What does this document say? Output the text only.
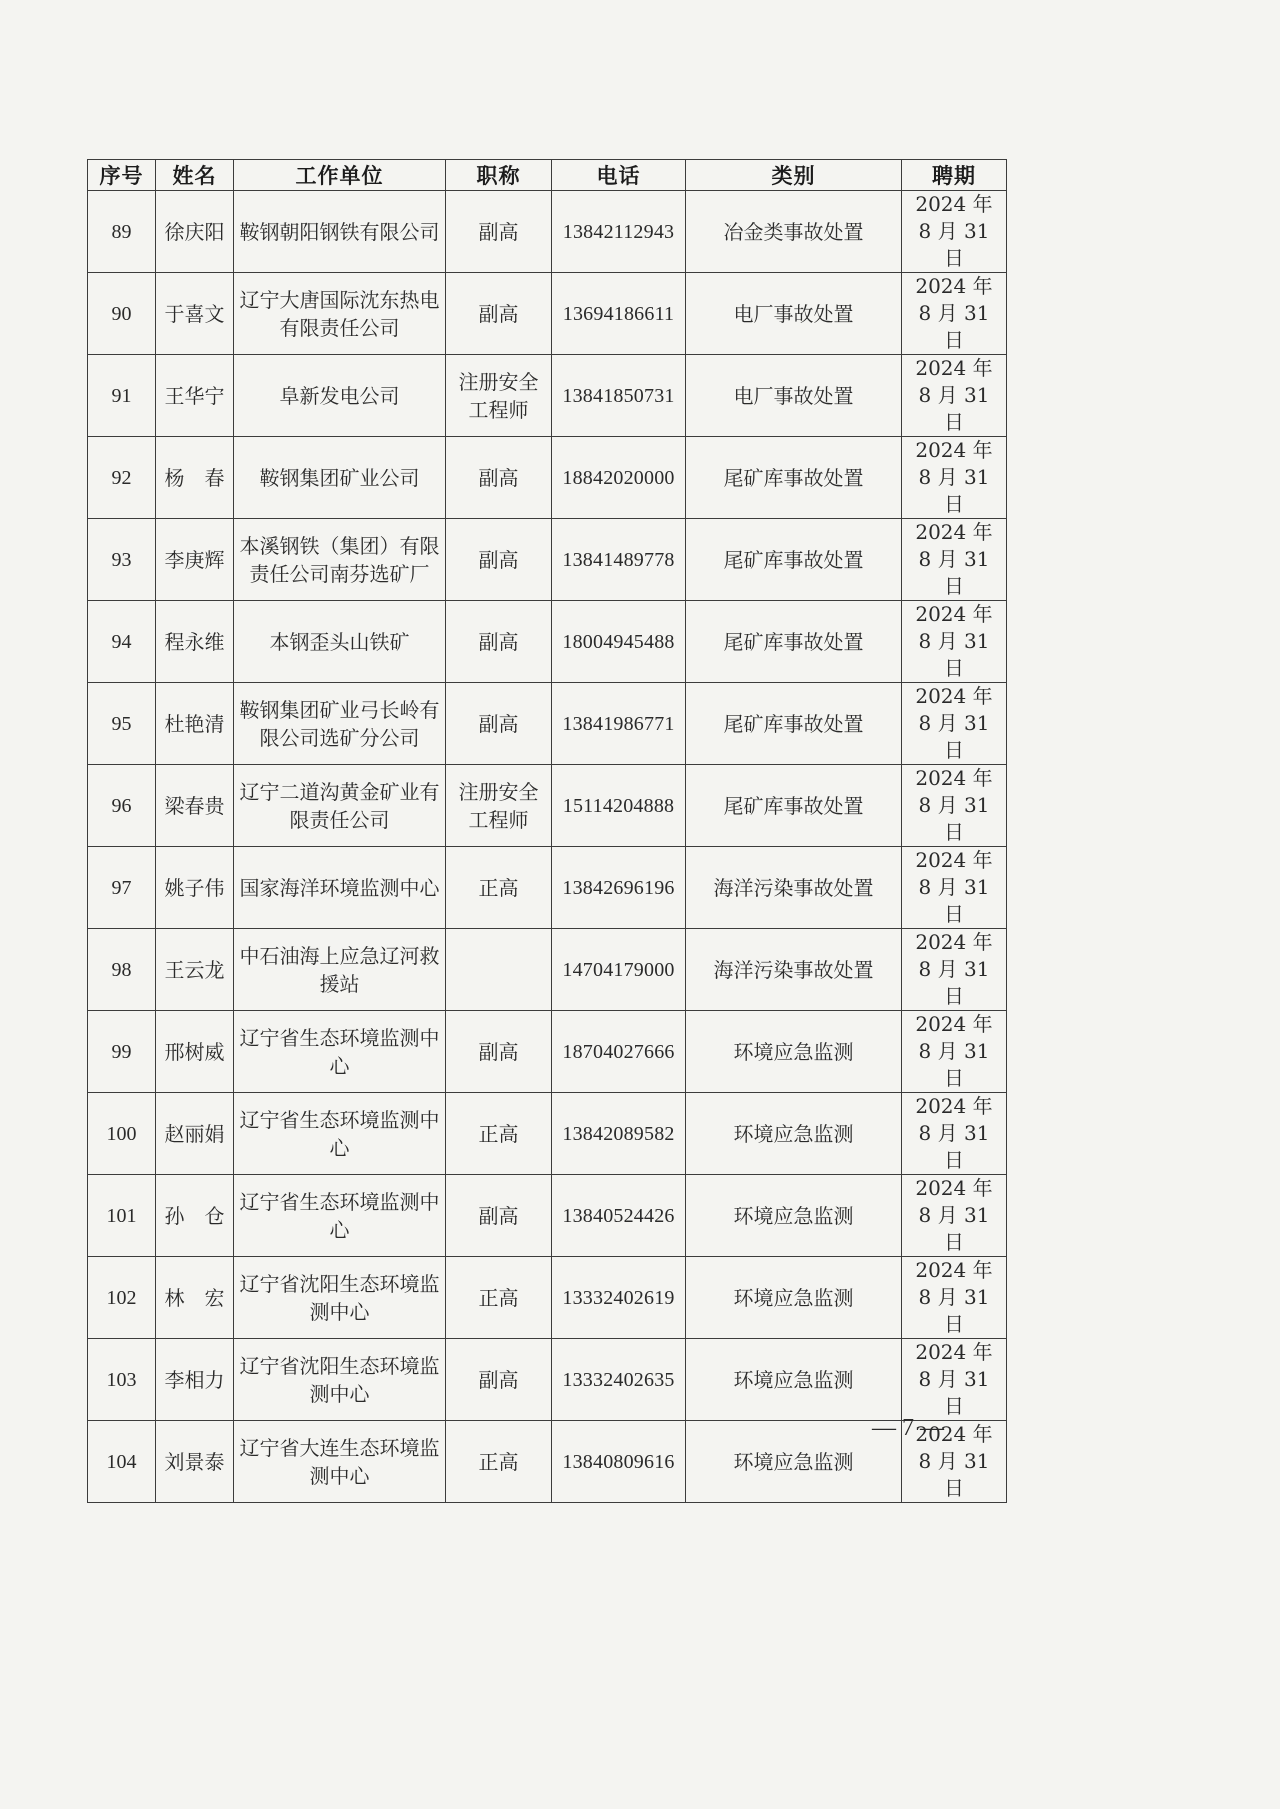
序号	姓名	工作单位	职称	电话	类别	聘期
89	徐庆阳	鞍钢朝阳钢铁有限公司	副高	13842112943	冶金类事故处置	2024 年 8 月 31 日
90	于喜文	辽宁大唐国际沈东热电有限责任公司	副高	13694186611	电厂事故处置	2024 年 8 月 31 日
91	王华宁	阜新发电公司	注册安全工程师	13841850731	电厂事故处置	2024 年 8 月 31 日
92	杨　春	鞍钢集团矿业公司	副高	18842020000	尾矿库事故处置	2024 年 8 月 31 日
93	李庚辉	本溪钢铁（集团）有限责任公司南芬选矿厂	副高	13841489778	尾矿库事故处置	2024 年 8 月 31 日
94	程永维	本钢歪头山铁矿	副高	18004945488	尾矿库事故处置	2024 年 8 月 31 日
95	杜艳清	鞍钢集团矿业弓长岭有限公司选矿分公司	副高	13841986771	尾矿库事故处置	2024 年 8 月 31 日
96	梁春贵	辽宁二道沟黄金矿业有限责任公司	注册安全工程师	15114204888	尾矿库事故处置	2024 年 8 月 31 日
97	姚子伟	国家海洋环境监测中心	正高	13842696196	海洋污染事故处置	2024 年 8 月 31 日
98	王云龙	中石油海上应急辽河救援站		14704179000	海洋污染事故处置	2024 年 8 月 31 日
99	邢树威	辽宁省生态环境监测中心	副高	18704027666	环境应急监测	2024 年 8 月 31 日
100	赵丽娟	辽宁省生态环境监测中心	正高	13842089582	环境应急监测	2024 年 8 月 31 日
101	孙　仓	辽宁省生态环境监测中心	副高	13840524426	环境应急监测	2024 年 8 月 31 日
102	林　宏	辽宁省沈阳生态环境监测中心	正高	13332402619	环境应急监测	2024 年 8 月 31 日
103	李相力	辽宁省沈阳生态环境监测中心	副高	13332402635	环境应急监测	2024 年 8 月 31 日
104	刘景泰	辽宁省大连生态环境监测中心	正高	13840809616	环境应急监测	2024 年 8 月 31 日
— 7 —
